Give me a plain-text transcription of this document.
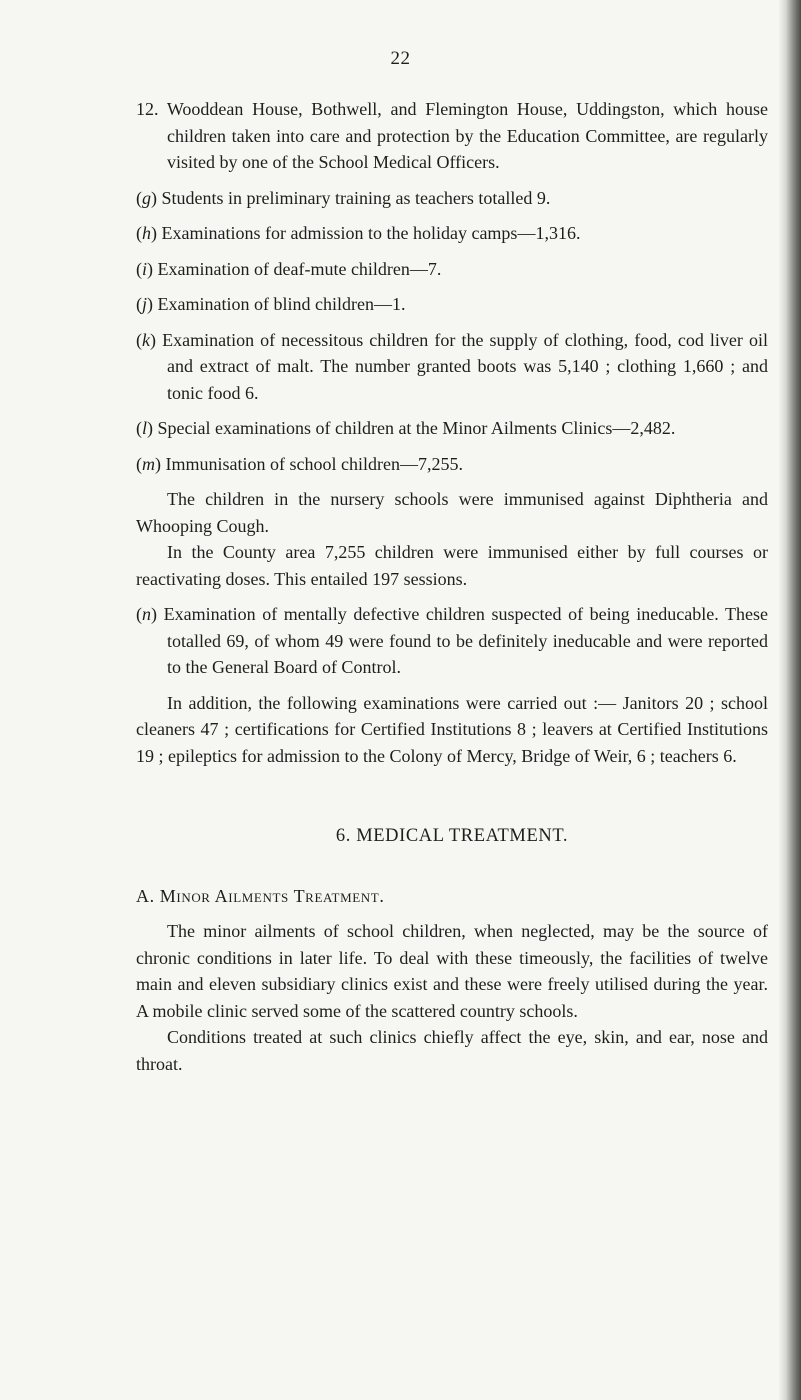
22

12. Wooddean House, Bothwell, and Flemington House, Uddingston, which house children taken into care and protection by the Education Committee, are regularly visited by one of the School Medical Officers.

(g) Students in preliminary training as teachers totalled 9.

(h) Examinations for admission to the holiday camps—1,316.

(i) Examination of deaf-mute children—7.

(j) Examination of blind children—1.

(k) Examination of necessitous children for the supply of clothing, food, cod liver oil and extract of malt. The number granted boots was 5,140 ; clothing 1,660 ; and tonic food 6.

(l) Special examinations of children at the Minor Ailments Clinics—2,482.

(m) Immunisation of school children—7,255.

The children in the nursery schools were immunised against Diphtheria and Whooping Cough.

In the County area 7,255 children were immunised either by full courses or reactivating doses. This entailed 197 sessions.

(n) Examination of mentally defective children suspected of being ineducable. These totalled 69, of whom 49 were found to be definitely ineducable and were reported to the General Board of Control.

In addition, the following examinations were carried out :— Janitors 20 ; school cleaners 47 ; certifications for Certified Institutions 8 ; leavers at Certified Institutions 19 ; epileptics for admission to the Colony of Mercy, Bridge of Weir, 6 ; teachers 6.

6. MEDICAL TREATMENT.

A. Minor Ailments Treatment.

The minor ailments of school children, when neglected, may be the source of chronic conditions in later life. To deal with these timeously, the facilities of twelve main and eleven subsidiary clinics exist and these were freely utilised during the year. A mobile clinic served some of the scattered country schools.

Conditions treated at such clinics chiefly affect the eye, skin, and ear, nose and throat.
